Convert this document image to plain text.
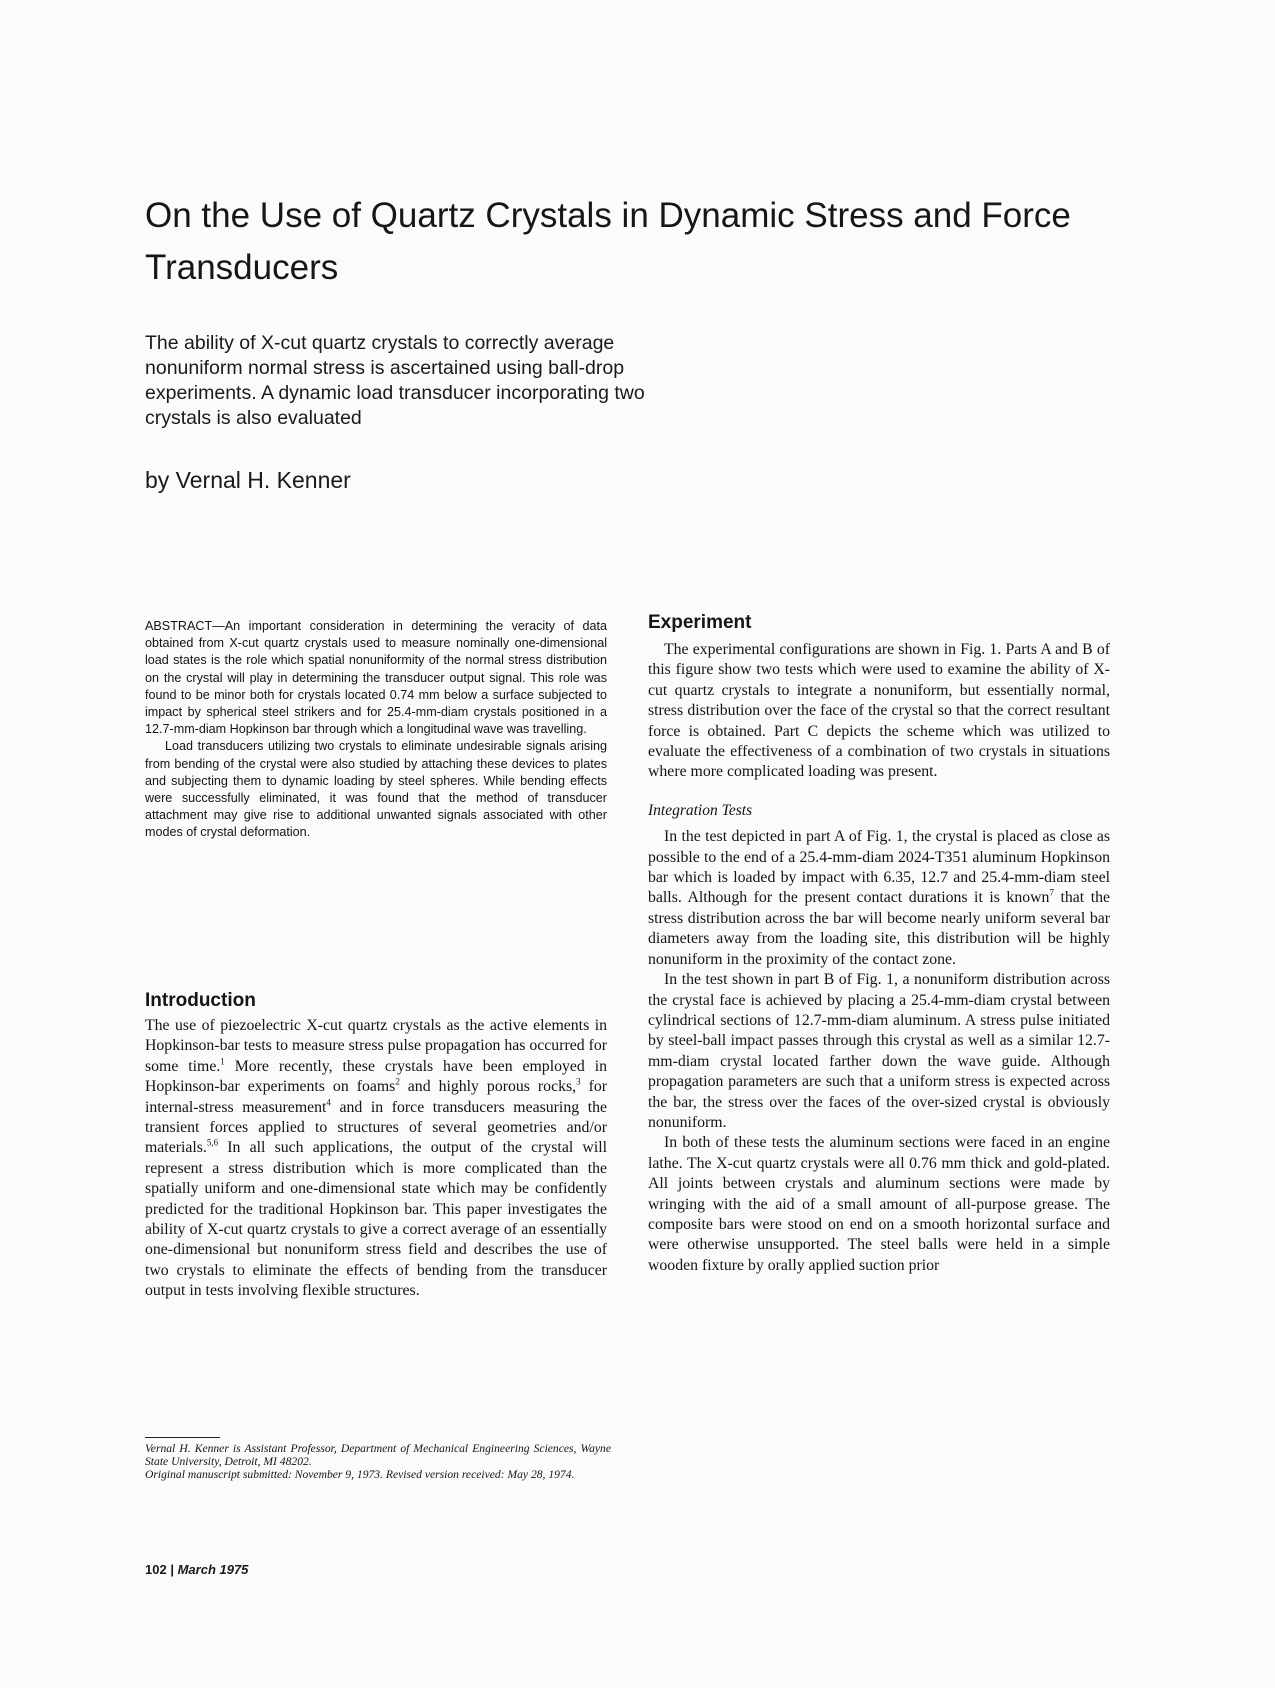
On the Use of Quartz Crystals in Dynamic Stress and Force Transducers

The ability of X-cut quartz crystals to correctly average nonuniform normal stress is ascertained using ball-drop experiments. A dynamic load transducer incorporating two crystals is also evaluated

by Vernal H. Kenner

ABSTRACT—An important consideration in determining the veracity of data obtained from X-cut quartz crystals used to measure nominally one-dimensional load states is the role which spatial nonuniformity of the normal stress distribution on the crystal will play in determining the transducer output signal. This role was found to be minor both for crystals located 0.74 mm below a surface subjected to impact by spherical steel strikers and for 25.4-mm-diam crystals positioned in a 12.7-mm-diam Hopkinson bar through which a longitudinal wave was travelling.

Load transducers utilizing two crystals to eliminate undesirable signals arising from bending of the crystal were also studied by attaching these devices to plates and subjecting them to dynamic loading by steel spheres. While bending effects were successfully eliminated, it was found that the method of transducer attachment may give rise to additional unwanted signals associated with other modes of crystal deformation.

Introduction

The use of piezoelectric X-cut quartz crystals as the active elements in Hopkinson-bar tests to measure stress pulse propagation has occurred for some time.$^1$ More recently, these crystals have been employed in Hopkinson-bar experiments on foams$^2$ and highly porous rocks,$^3$ for internal-stress measurement$^4$ and in force transducers measuring the transient forces applied to structures of several geometries and/or materials.$^{5,6}$ In all such applications, the output of the crystal will represent a stress distribution which is more complicated than the spatially uniform and one-dimensional state which may be confidently predicted for the traditional Hopkinson bar. This paper investigates the ability of X-cut quartz crystals to give a correct average of an essentially one-dimensional but nonuniform stress field and describes the use of two crystals to eliminate the effects of bending from the transducer output in tests involving flexible structures.

Vernal H. Kenner is Assistant Professor, Department of Mechanical Engineering Sciences, Wayne State University, Detroit, MI 48202.

Original manuscript submitted: November 9, 1973. Revised version received: May 28, 1974.

102 | March 1975

Experiment

The experimental configurations are shown in Fig. 1. Parts A and B of this figure show two tests which were used to examine the ability of X-cut quartz crystals to integrate a nonuniform, but essentially normal, stress distribution over the face of the crystal so that the correct resultant force is obtained. Part C depicts the scheme which was utilized to evaluate the effectiveness of a combination of two crystals in situations where more complicated loading was present.

Integration Tests

In the test depicted in part A of Fig. 1, the crystal is placed as close as possible to the end of a 25.4-mm-diam 2024-T351 aluminum Hopkinson bar which is loaded by impact with 6.35, 12.7 and 25.4-mm-diam steel balls. Although for the present contact durations it is known$^7$ that the stress distribution across the bar will become nearly uniform several bar diameters away from the loading site, this distribution will be highly nonuniform in the proximity of the contact zone.

In the test shown in part B of Fig. 1, a nonuniform distribution across the crystal face is achieved by placing a 25.4-mm-diam crystal between cylindrical sections of 12.7-mm-diam aluminum. A stress pulse initiated by steel-ball impact passes through this crystal as well as a similar 12.7-mm-diam crystal located farther down the wave guide. Although propagation parameters are such that a uniform stress is expected across the bar, the stress over the faces of the over-sized crystal is obviously nonuniform.

In both of these tests the aluminum sections were faced in an engine lathe. The X-cut quartz crystals were all 0.76 mm thick and gold-plated. All joints between crystals and aluminum sections were made by wringing with the aid of a small amount of all-purpose grease. The composite bars were stood on end on a smooth horizontal surface and were otherwise unsupported. The steel balls were held in a simple wooden fixture by orally applied suction prior
